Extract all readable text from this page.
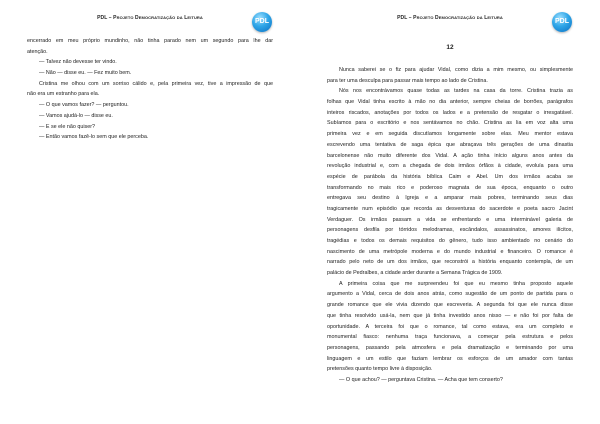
PDL – Projeto Democratização da Leitura	PDL
encerrado em meu próprio mundinho, não tinha parado nem um segundo para lhe dar
atenção.
— Talvez não devesse ter vindo.
— Não — disse eu. — Fez muito bem.
Cristina me olhou com um sorriso cálido e, pela primeira vez, tive a impressão de que
não era um estranho para ela.
— O que vamos fazer? — perguntou.
— Vamos ajudá-lo — disse eu.
— E se ele não quiser?
— Então vamos fazê-lo sem que ele perceba.
PDL – Projeto Democratização da Leitura	PDL
12
Nunca saberei se o fiz para ajudar Vidal, como dizia a mim mesmo, ou simplesmente
para ter uma desculpa para passar mais tempo ao lado de Cristina.
Nós nos encontrávamos quase todas as tardes na casa da torre. Cristina trazia as
folhas que Vidal tinha escrito à mão no dia anterior, sempre cheias de borrões, parágrafos
inteiros riscados, anotações por todos os lados e a pretensão de resgatar o irresgatável.
Subíamos para o escritório e nos sentávamos no chão. Cristina as lia em voz alta uma
primeira vez e em seguida discutíamos longamente sobre elas. Meu mentor estava
escrevendo uma tentativa de saga épica que abraçava três gerações de uma dinastia
barcelonense não muito diferente dos Vidal. A ação tinha início alguns anos antes da
revolução industrial e, com a chegada de dois irmãos órfãos à cidade, evoluía para uma
espécie de parábola da história bíblica Caim e Abel. Um dos irmãos acaba se
transformando no mais rico e poderoso magnata de sua época, enquanto o outro
entregava seu destino à Igreja e a amparar mais pobres, terminando seus dias
tragicamente num episódio que recorda as desventuras do sacerdote e poeta sacro Jacint
Verdaguer. Os irmãos passam a vida se enfrentando e uma interminável galeria de
personagens desfila por tórridos melodramas, escândalos, assassinatos, amores ilícitos,
tragédias e todos os demais requisitos do gênero, tudo isso ambientado no cenário do
nascimento de uma metrópole moderna e do mundo industrial e financeiro. O romance é
narrado pelo neto de um dos irmãos, que reconstrói a história enquanto contempla, de um
palácio de Pedralbes, a cidade arder durante a Semana Trágica de 1909.
A primeira coisa que me surpreendeu foi que eu mesmo tinha proposto aquele
argumento a Vidal, cerca de dois anos atrás, como sugestão de um ponto de partida para o
grande romance que ele vivia dizendo que escreveria. A segunda foi que ele nunca disse
que tinha resolvido usá-la, nem que já tinha investido anos nisso — e não foi por falta de
oportunidade. A terceira foi que o romance, tal como estava, era um completo e
monumental fiasco: nenhuma traça funcionava, a começar pela estrutura e pelos
personagens, passando pela atmosfera e pela dramatização e terminando por uma
linguagem e um estilo que faziam lembrar os esforços de um amador com tantas
pretensões quanto tempo livre à disposição.
— O que achou? — perguntava Cristina. — Acha que tem conserto?
